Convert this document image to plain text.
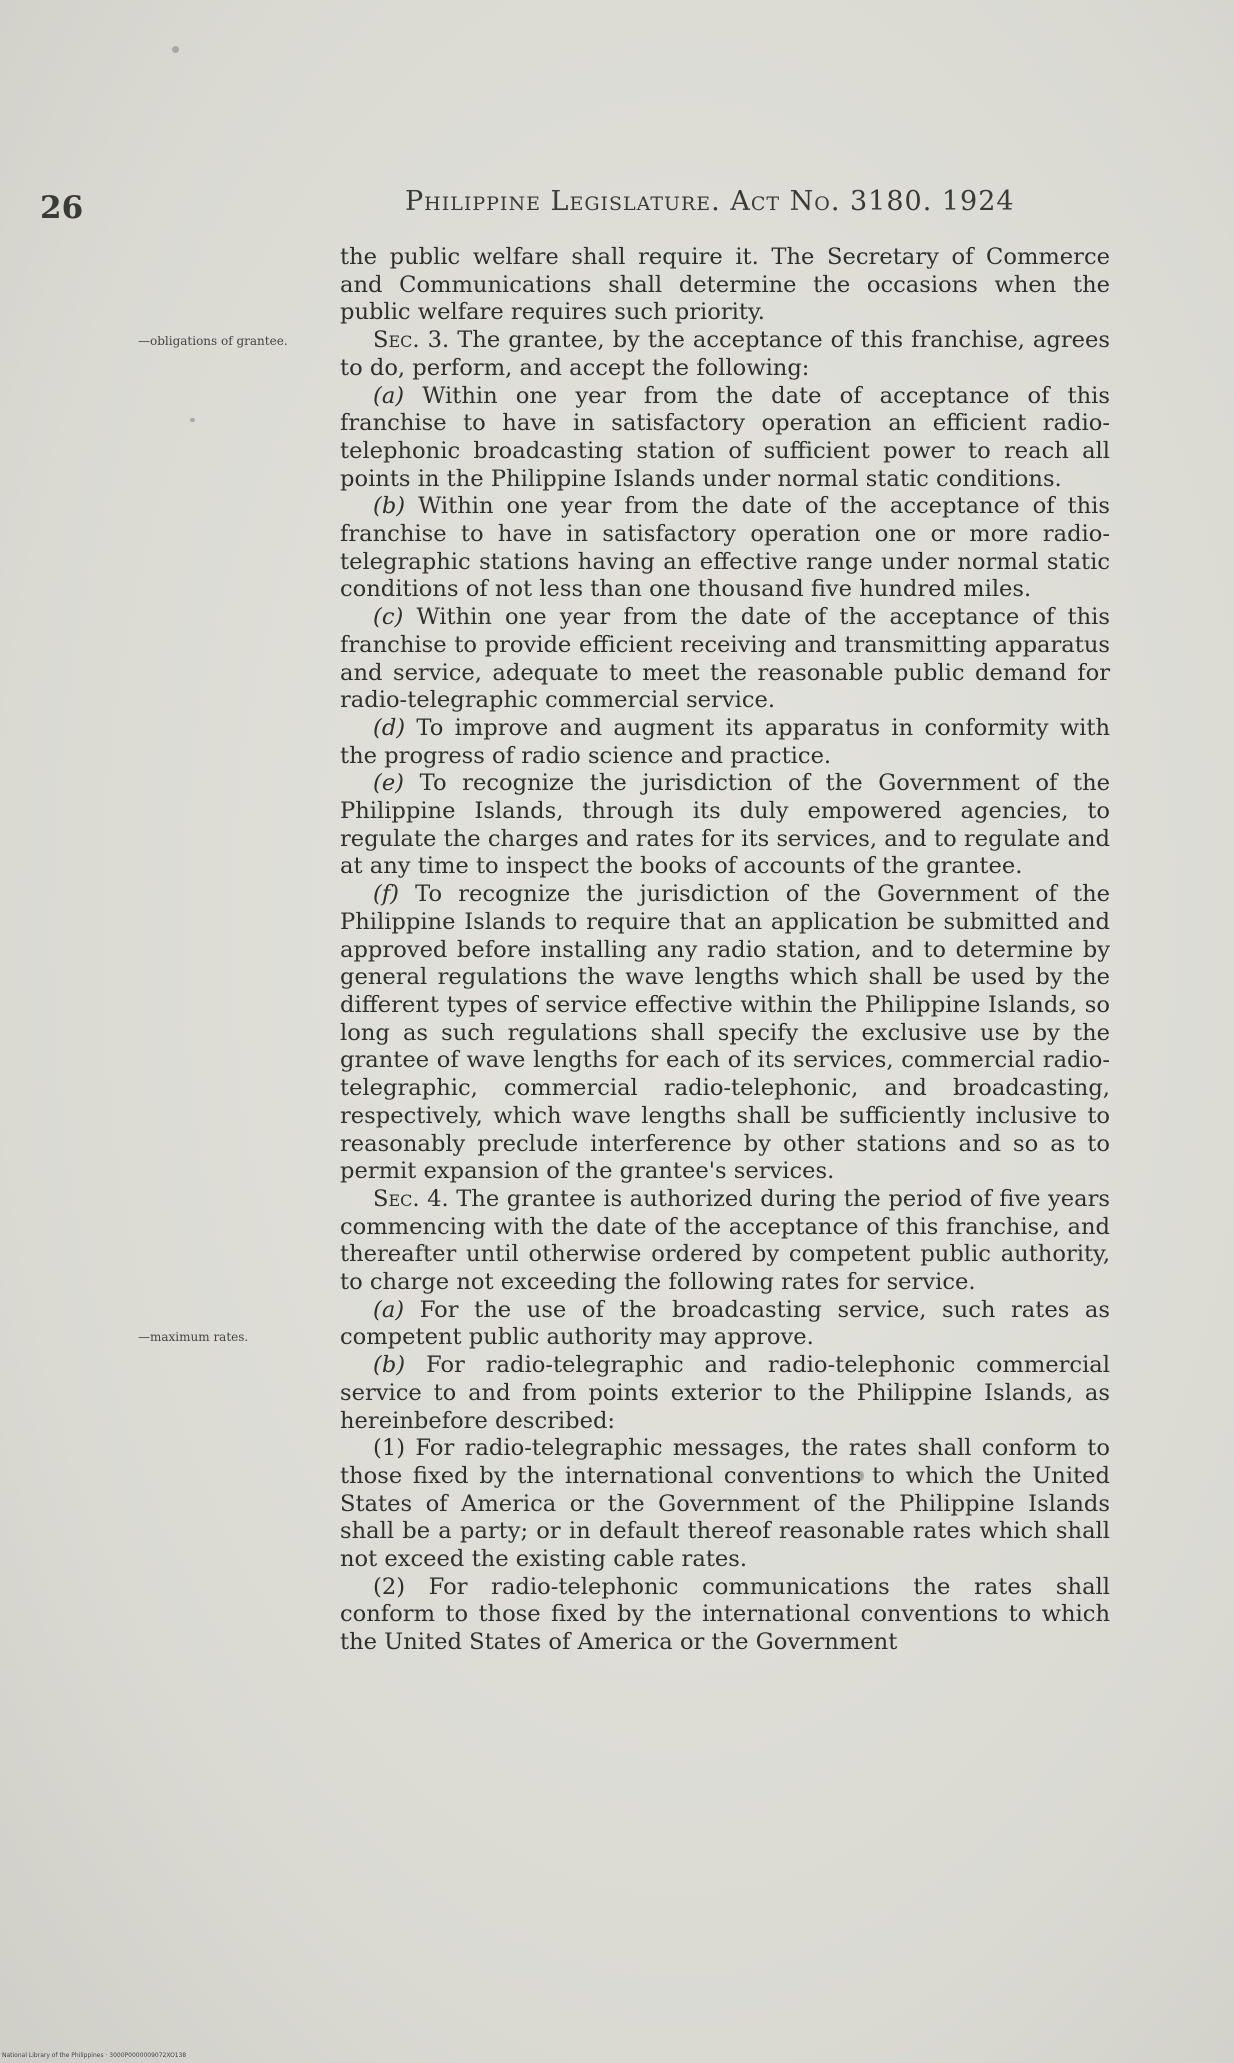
26	Philippine Legislature. Act No. 3180. 1924
—obligations of grantee.
—maximum rates.

the public welfare shall require it. The Secretary of Commerce and Communications shall determine the occasions when the public welfare requires such priority.

Sec. 3. The grantee, by the acceptance of this franchise, agrees to do, perform, and accept the following:

(a) Within one year from the date of acceptance of this franchise to have in satisfactory operation an efficient radio-telephonic broadcasting station of sufficient power to reach all points in the Philippine Islands under normal static conditions.

(b) Within one year from the date of the acceptance of this franchise to have in satisfactory operation one or more radio-telegraphic stations having an effective range under normal static conditions of not less than one thousand five hundred miles.

(c) Within one year from the date of the acceptance of this franchise to provide efficient receiving and transmitting apparatus and service, adequate to meet the reasonable public demand for radio-telegraphic commercial service.

(d) To improve and augment its apparatus in conformity with the progress of radio science and practice.

(e) To recognize the jurisdiction of the Government of the Philippine Islands, through its duly empowered agencies, to regulate the charges and rates for its services, and to regulate and at any time to inspect the books of accounts of the grantee.

(f) To recognize the jurisdiction of the Government of the Philippine Islands to require that an application be submitted and approved before installing any radio station, and to determine by general regulations the wave lengths which shall be used by the different types of service effective within the Philippine Islands, so long as such regulations shall specify the exclusive use by the grantee of wave lengths for each of its services, commercial radio-telegraphic, commercial radio-telephonic, and broadcasting, respectively, which wave lengths shall be sufficiently inclusive to reasonably preclude interference by other stations and so as to permit expansion of the grantee's services.

Sec. 4. The grantee is authorized during the period of five years commencing with the date of the acceptance of this franchise, and thereafter until otherwise ordered by competent public authority, to charge not exceeding the following rates for service.

(a) For the use of the broadcasting service, such rates as competent public authority may approve.

(b) For radio-telegraphic and radio-telephonic commercial service to and from points exterior to the Philippine Islands, as hereinbefore described:

(1) For radio-telegraphic messages, the rates shall conform to those fixed by the international conventions to which the United States of America or the Government of the Philippine Islands shall be a party; or in default thereof reasonable rates which shall not exceed the existing cable rates.

(2) For radio-telephonic communications the rates shall conform to those fixed by the international conventions to which the United States of America or the Government

National Library of the Philippines · 3000P0000009072XO138
